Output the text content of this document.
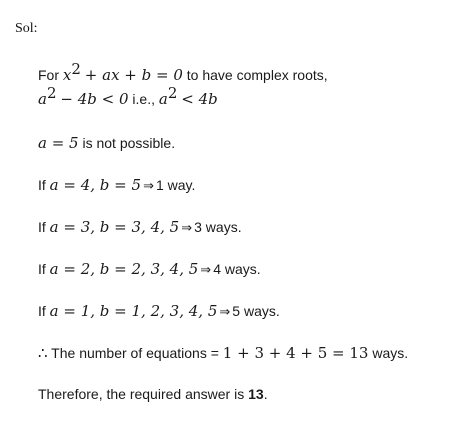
Sol:
For $x^2$ + ax + b = 0 to have complex roots,
$a^2 - 4b < 0$ i.e., $a^2 < 4b$
a = 5 is not possible.
If a = 4, b = 5 ⇒ 1 way.
If a = 3, b = 3, 4, 5 ⇒ 3 ways.
If a = 2, b = 2, 3, 4, 5 ⇒ 4 ways.
If a = 1, b = 1, 2, 3, 4, 5 ⇒ 5 ways.
∴ The number of equations = 1 + 3 + 4 + 5 = 13 ways.
Therefore, the required answer is 13.
